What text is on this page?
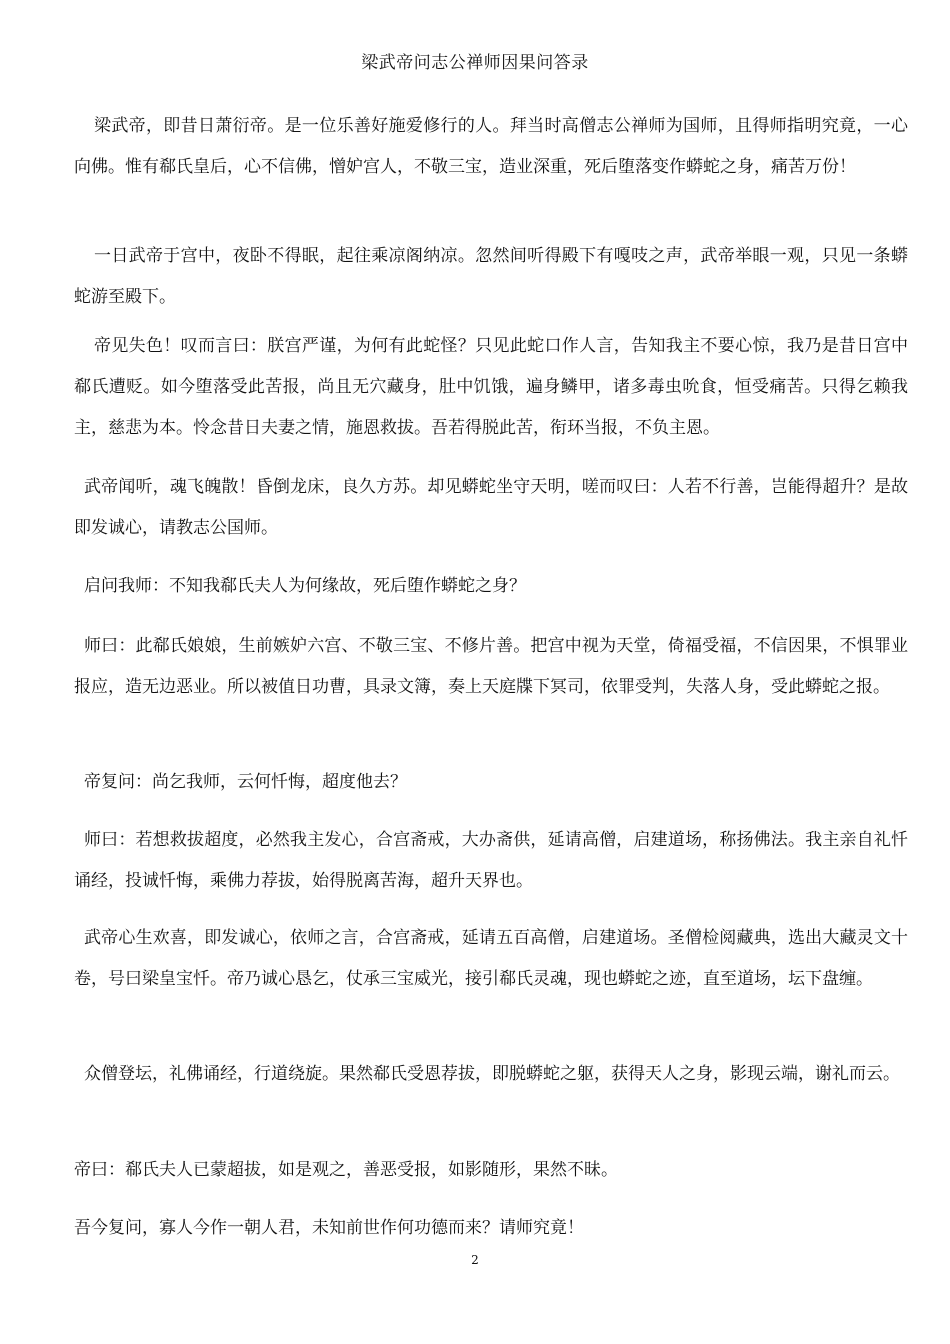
梁武帝问志公禅师因果问答录

梁武帝，即昔日萧衍帝。是一位乐善好施爱修行的人。拜当时高僧志公禅师为国师，且得师指明究竟，一心向佛。惟有郗氏皇后，心不信佛，憎妒宫人，不敬三宝，造业深重，死后堕落变作蟒蛇之身，痛苦万份！

一日武帝于宫中，夜卧不得眠，起往乘凉阁纳凉。忽然间听得殿下有嘎吱之声，武帝举眼一观，只见一条蟒蛇游至殿下。

帝见失色！叹而言曰：朕宫严谨，为何有此蛇怪？只见此蛇口作人言，告知我主不要心惊，我乃是昔日宫中郗氏遭贬。如今堕落受此苦报，尚且无穴藏身，肚中饥饿，遍身鳞甲，诸多毒虫吮食，恒受痛苦。只得乞赖我主，慈悲为本。怜念昔日夫妻之情，施恩救拔。吾若得脱此苦，衔环当报，不负主恩。

武帝闻听，魂飞魄散！昏倒龙床，良久方苏。却见蟒蛇坐守天明，嗟而叹曰：人若不行善，岂能得超升？是故即发诚心，请教志公国师。

启问我师：不知我郗氏夫人为何缘故，死后堕作蟒蛇之身？

师曰：此郗氏娘娘，生前嫉妒六宫、不敬三宝、不修片善。把宫中视为天堂，倚福受福，不信因果，不惧罪业报应，造无边恶业。所以被值日功曹，具录文簿，奏上天庭牒下冥司，依罪受判，失落人身，受此蟒蛇之报。

帝复问：尚乞我师，云何忏悔，超度他去？

师曰：若想救拔超度，必然我主发心，合宫斋戒，大办斋供，延请高僧，启建道场，称扬佛法。我主亲自礼忏诵经，投诚忏悔，乘佛力荐拔，始得脱离苦海，超升天界也。

武帝心生欢喜，即发诚心，依师之言，合宫斋戒，延请五百高僧，启建道场。圣僧检阅藏典，选出大藏灵文十卷，号曰梁皇宝忏。帝乃诚心恳乞，仗承三宝威光，接引郗氏灵魂，现也蟒蛇之迹，直至道场，坛下盘缠。

众僧登坛，礼佛诵经，行道绕旋。果然郗氏受恩荐拔，即脱蟒蛇之躯，获得天人之身，影现云端，谢礼而云。

帝曰：郗氏夫人已蒙超拔，如是观之，善恶受报，如影随形，果然不昧。

吾今复问，寡人今作一朝人君，未知前世作何功德而来？请师究竟！

2
